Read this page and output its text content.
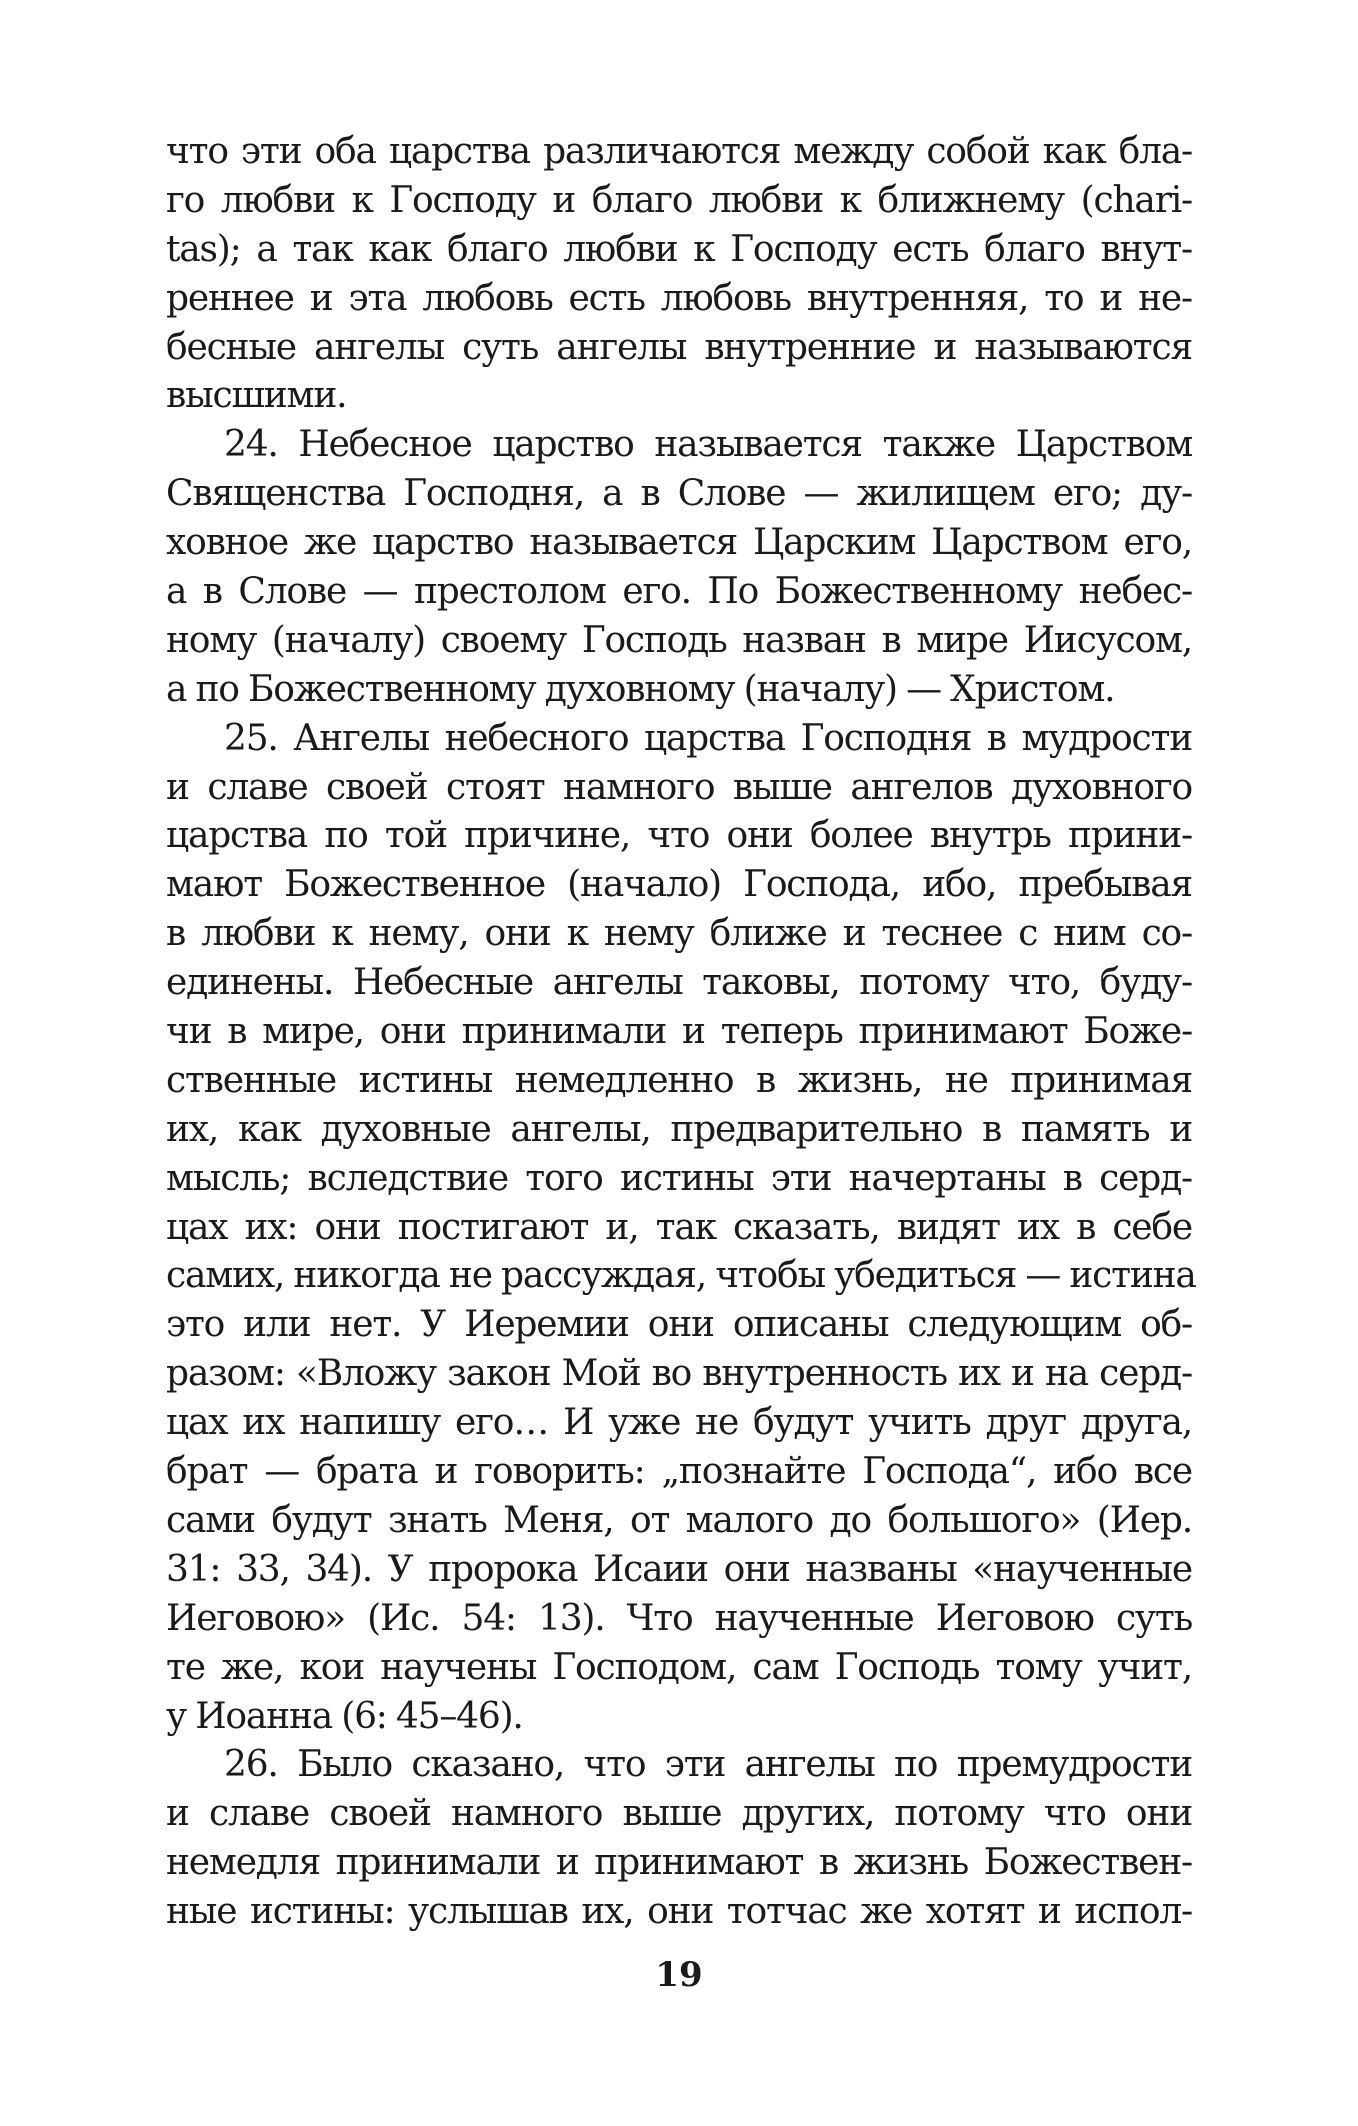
что эти оба царства различаются между собой как бла-
го любви к Господу и благо любви к ближнему (chari-
tas); а так как благо любви к Господу есть благо внут-
реннее и эта любовь есть любовь внутренняя, то и не-
бесные ангелы суть ангелы внутренние и называются
высшими.
24. Небесное царство называется также Царством
Священства Господня, а в Слове — жилищем его; ду-
ховное же царство называется Царским Царством его,
а в Слове — престолом его. По Божественному небес-
ному (началу) своему Господь назван в мире Иисусом,
а по Божественному духовному (началу) — Христом.
25. Ангелы небесного царства Господня в мудрости
и славе своей стоят намного выше ангелов духовного
царства по той причине, что они более внутрь прини-
мают Божественное (начало) Господа, ибо, пребывая
в любви к нему, они к нему ближе и теснее с ним со-
единены. Небесные ангелы таковы, потому что, буду-
чи в мире, они принимали и теперь принимают Боже-
ственные истины немедленно в жизнь, не принимая
их, как духовные ангелы, предварительно в память и
мысль; вследствие того истины эти начертаны в серд-
цах их: они постигают и, так сказать, видят их в себе
самих, никогда не рассуждая, чтобы убедиться — истина
это или нет. У Иеремии они описаны следующим об-
разом: «Вложу закон Мой во внутренность их и на серд-
цах их напишу его… И уже не будут учить друг друга,
брат — брата и говорить: „познайте Господа“, ибо все
сами будут знать Меня, от малого до большого» (Иер.
31: 33, 34). У пророка Исаии они названы «наученные
Иеговою» (Ис. 54: 13). Что наученные Иеговою суть
те же, кои научены Господом, сам Господь тому учит,
у Иоанна (6: 45–46).
26. Было сказано, что эти ангелы по премудрости
и славе своей намного выше других, потому что они
немедля принимали и принимают в жизнь Божествен-
ные истины: услышав их, они тотчас же хотят и испол-
19
